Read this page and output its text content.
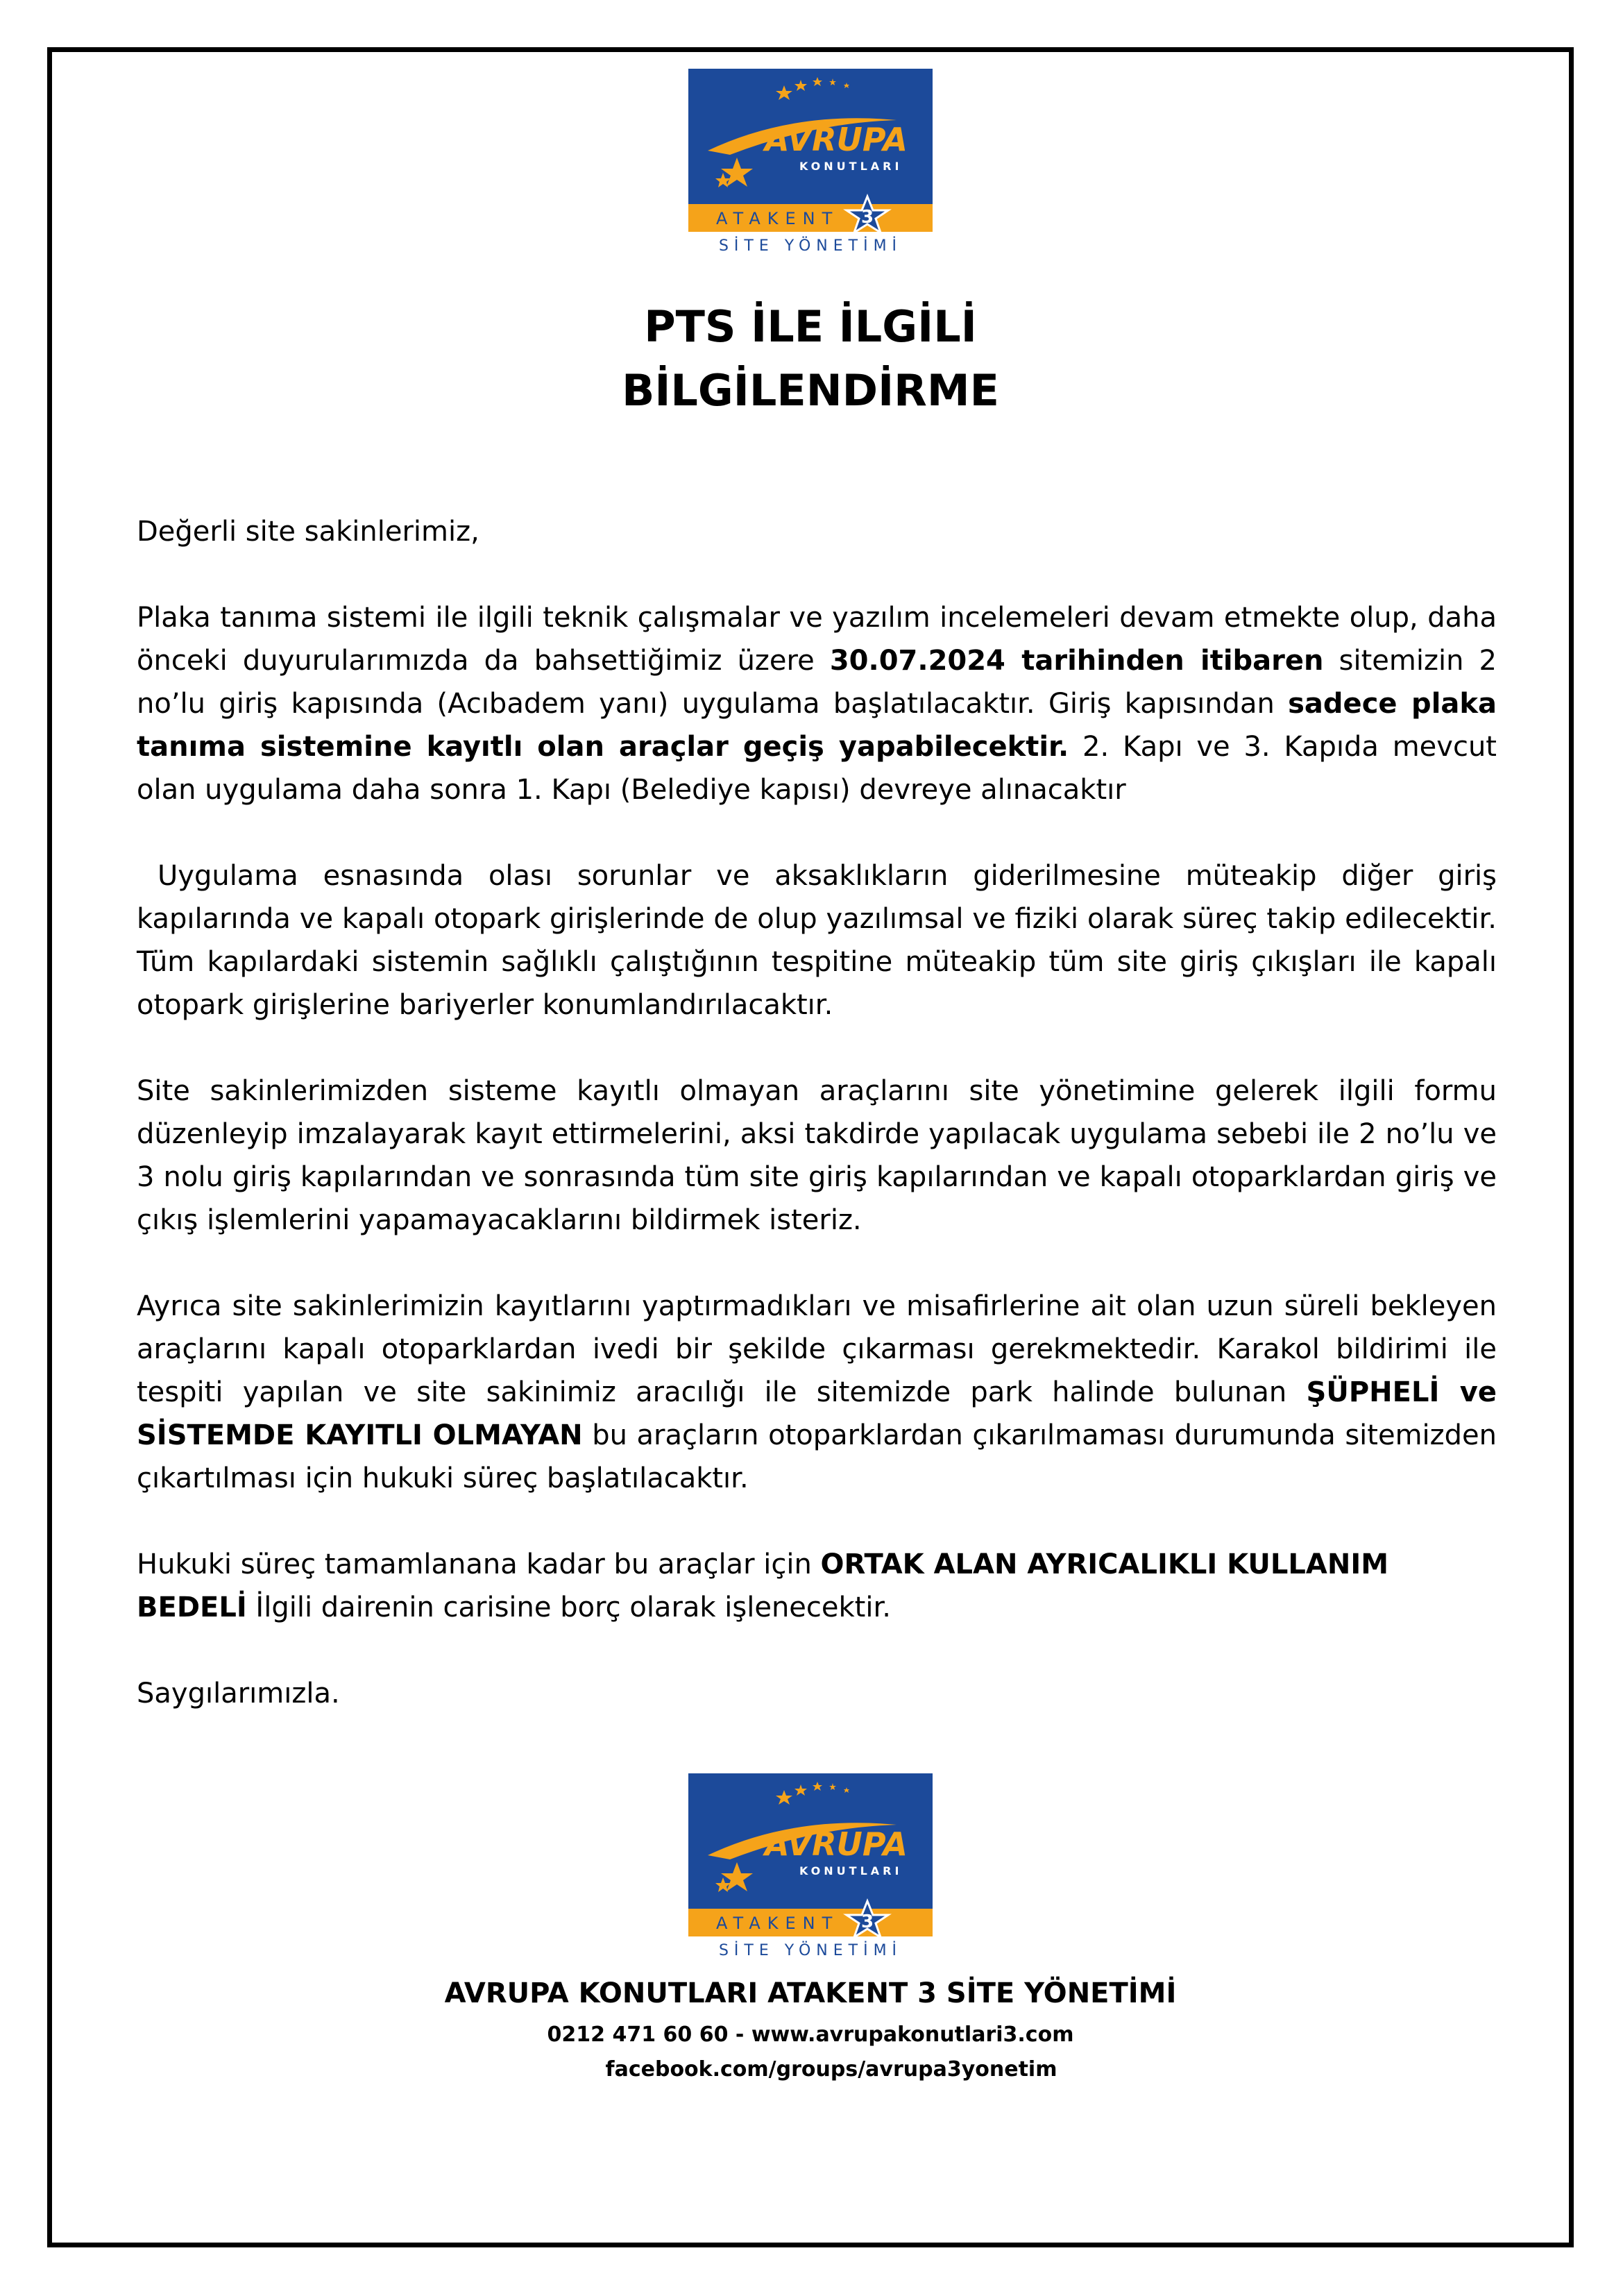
AVRUPA
KONUTLARI
ATAKENT 3
SİTE YÖNETİMİ
PTS İLE İLGİLİ
BİLGİLENDİRME

Değerli site sakinlerimiz,

Plaka tanıma sistemi ile ilgili teknik çalışmalar ve yazılım incelemeleri devam etmekte olup, daha önceki duyurularımızda da bahsettiğimiz üzere 30.07.2024 tarihinden itibaren sitemizin 2 no’lu giriş kapısında (Acıbadem yanı) uygulama başlatılacaktır. Giriş kapısından sadece plaka tanıma sistemine kayıtlı olan araçlar geçiş yapabilecektir. 2. Kapı ve 3. Kapıda mevcut olan uygulama daha sonra 1. Kapı (Belediye kapısı) devreye alınacaktır

Uygulama esnasında olası sorunlar ve aksaklıkların giderilmesine müteakip diğer giriş kapılarında ve kapalı otopark girişlerinde de olup yazılımsal ve fiziki olarak süreç takip edilecektir. Tüm kapılardaki sistemin sağlıklı çalıştığının tespitine müteakip tüm site giriş çıkışları ile kapalı otopark girişlerine bariyerler konumlandırılacaktır.

Site sakinlerimizden sisteme kayıtlı olmayan araçlarını site yönetimine gelerek ilgili formu düzenleyip imzalayarak kayıt ettirmelerini, aksi takdirde yapılacak uygulama sebebi ile 2 no’lu ve 3 nolu giriş kapılarından ve sonrasında tüm site giriş kapılarından ve kapalı otoparklardan giriş ve çıkış işlemlerini yapamayacaklarını bildirmek isteriz.

Ayrıca site sakinlerimizin kayıtlarını yaptırmadıkları ve misafirlerine ait olan uzun süreli bekleyen araçlarını kapalı otoparklardan ivedi bir şekilde çıkarması gerekmektedir. Karakol bildirimi ile tespiti yapılan ve site sakinimiz aracılığı ile sitemizde park halinde bulunan ŞÜPHELİ ve SİSTEMDE KAYITLI OLMAYAN bu araçların otoparklardan çıkarılmaması durumunda sitemizden çıkartılması için hukuki süreç başlatılacaktır.

Hukuki süreç tamamlanana kadar bu araçlar için ORTAK ALAN AYRICALIKLI KULLANIM BEDELİ İlgili dairenin carisine borç olarak işlenecektir.

Saygılarımızla.

AVRUPA
KONUTLARI
ATAKENT 3
SİTE YÖNETİMİ
AVRUPA KONUTLARI ATAKENT 3 SİTE YÖNETİMİ
0212 471 60 60 - www.avrupakonutlari3.com
facebook.com/groups/avrupa3yonetim
